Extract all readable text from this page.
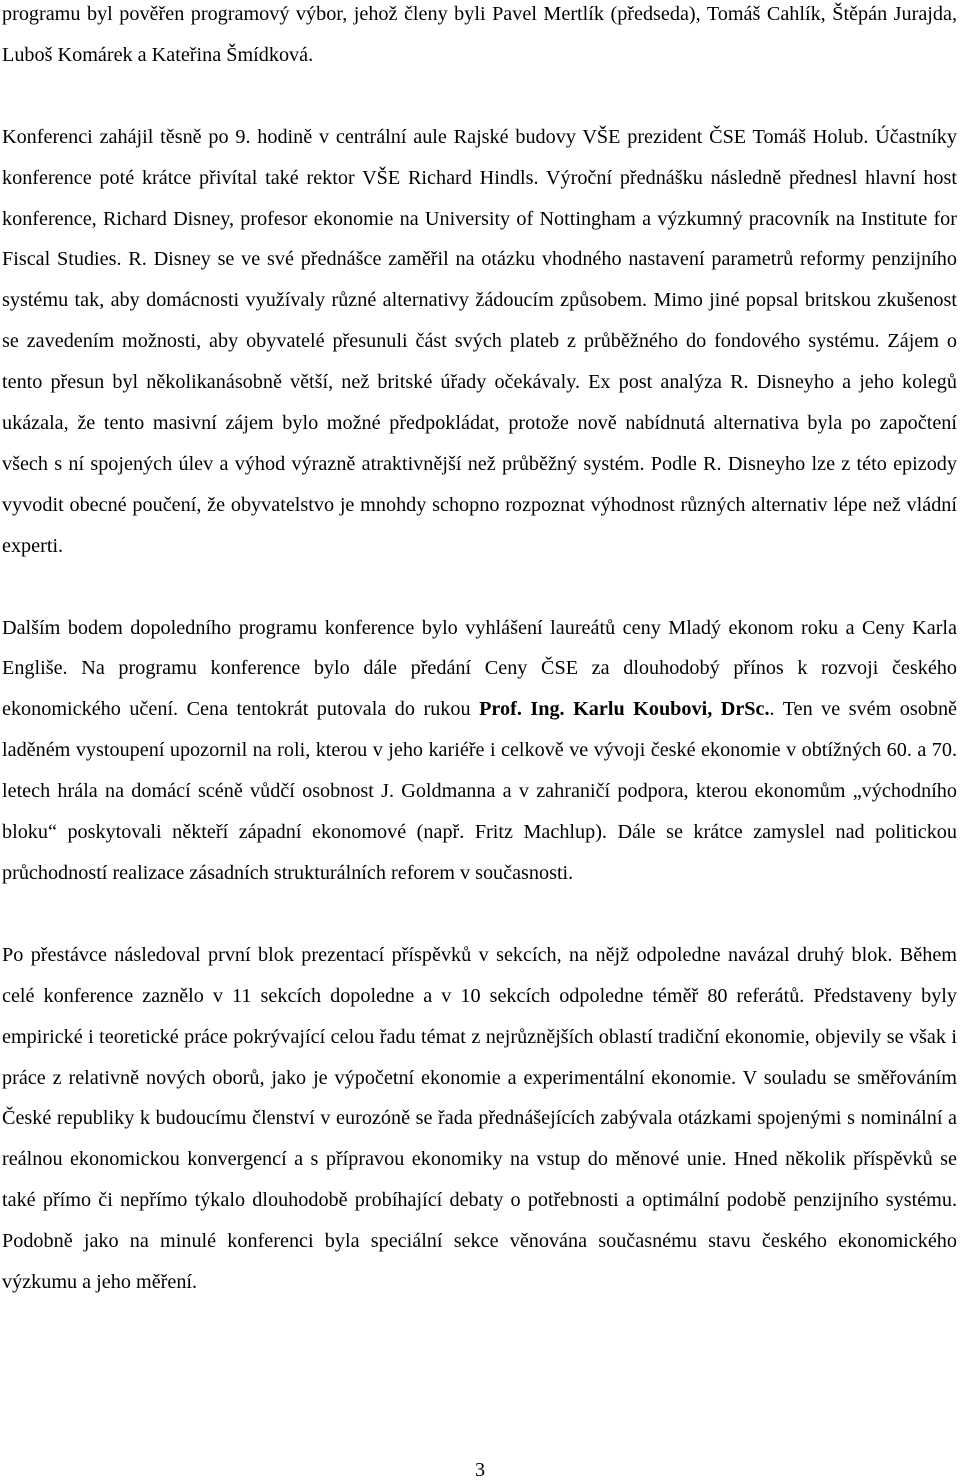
programu byl pověřen programový výbor, jehož členy byli Pavel Mertlík (předseda), Tomáš Cahlík, Štěpán Jurajda, Luboš Komárek a Kateřina Šmídková.

Konferenci zahájil těsně po 9. hodině v centrální aule Rajské budovy VŠE prezident ČSE Tomáš Holub. Účastníky konference poté krátce přivítal také rektor VŠE Richard Hindls. Výroční přednášku následně přednesl hlavní host konference, Richard Disney, profesor ekonomie na University of Nottingham a výzkumný pracovník na Institute for Fiscal Studies. R. Disney se ve své přednášce zaměřil na otázku vhodného nastavení parametrů reformy penzijního systému tak, aby domácnosti využívaly různé alternativy žádoucím způsobem. Mimo jiné popsal britskou zkušenost se zavedením možnosti, aby obyvatelé přesunuli část svých plateb z průběžného do fondového systému. Zájem o tento přesun byl několikanásobně větší, než britské úřady očekávaly. Ex post analýza R. Disneyho a jeho kolegů ukázala, že tento masivní zájem bylo možné předpokládat, protože nově nabídnutá alternativa byla po započtení všech s ní spojených úlev a výhod výrazně atraktivnější než průběžný systém. Podle R. Disneyho lze z této epizody vyvodit obecné poučení, že obyvatelstvo je mnohdy schopno rozpoznat výhodnost různých alternativ lépe než vládní experti.

Dalším bodem dopoledního programu konference bylo vyhlášení laureátů ceny Mladý ekonom roku a Ceny Karla Engliše. Na programu konference bylo dále předání Ceny ČSE za dlouhodobý přínos k rozvoji českého ekonomického učení. Cena tentokrát putovala do rukou Prof. Ing. Karlu Koubovi, DrSc.. Ten ve svém osobně laděném vystoupení upozornil na roli, kterou v jeho kariéře i celkově ve vývoji české ekonomie v obtížných 60. a 70. letech hrála na domácí scéně vůdčí osobnost J. Goldmanna a v zahraničí podpora, kterou ekonomům „východního bloku“ poskytovali někteří západní ekonomové (např. Fritz Machlup). Dále se krátce zamyslel nad politickou průchodností realizace zásadních strukturálních reforem v současnosti.

Po přestávce následoval první blok prezentací příspěvků v sekcích, na nějž odpoledne navázal druhý blok. Během celé konference zaznělo v 11 sekcích dopoledne a v 10 sekcích odpoledne téměř 80 referátů. Představeny byly empirické i teoretické práce pokrývající celou řadu témat z nejrůznějších oblastí tradiční ekonomie, objevily se však i práce z relativně nových oborů, jako je výpočetní ekonomie a experimentální ekonomie. V souladu se směřováním České republiky k budoucímu členství v eurozóně se řada přednášejících zabývala otázkami spojenými s nominální a reálnou ekonomickou konvergencí a s přípravou ekonomiky na vstup do měnové unie. Hned několik příspěvků se také přímo či nepřímo týkalo dlouhodobě probíhající debaty o potřebnosti a optimální podobě penzijního systému. Podobně jako na minulé konferenci byla speciální sekce věnována současnému stavu českého ekonomického výzkumu a jeho měření.

3
